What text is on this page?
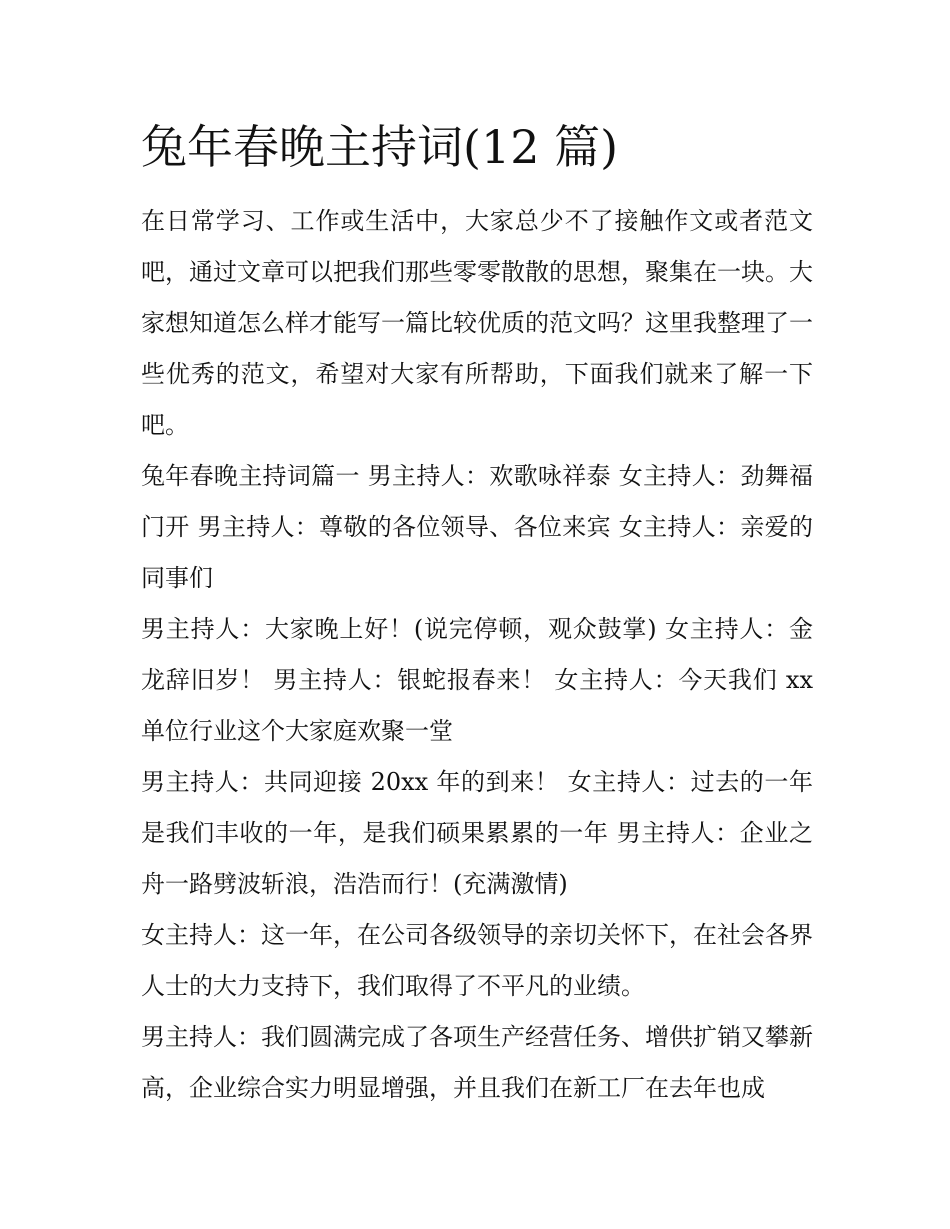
兔年春晚主持词(12 篇)

在日常学习、工作或生活中，大家总少不了接触作文或者范文吧，通过文章可以把我们那些零零散散的思想，聚集在一块。大家想知道怎么样才能写一篇比较优质的范文吗？这里我整理了一些优秀的范文，希望对大家有所帮助，下面我们就来了解一下吧。

兔年春晚主持词篇一 男主持人：欢歌咏祥泰 女主持人：劲舞福门开 男主持人：尊敬的各位领导、各位来宾 女主持人：亲爱的同事们

男主持人：大家晚上好！(说完停顿，观众鼓掌) 女主持人：金龙辞旧岁！ 男主持人：银蛇报春来！ 女主持人：今天我们 xx 单位行业这个大家庭欢聚一堂

男主持人：共同迎接 20xx 年的到来！ 女主持人：过去的一年是我们丰收的一年，是我们硕果累累的一年 男主持人：企业之舟一路劈波斩浪，浩浩而行！(充满激情)

女主持人：这一年，在公司各级领导的亲切关怀下，在社会各界人士的大力支持下，我们取得了不平凡的业绩。

男主持人：我们圆满完成了各项生产经营任务、增供扩销又攀新高，企业综合实力明显增强，并且我们在新工厂在去年也成
